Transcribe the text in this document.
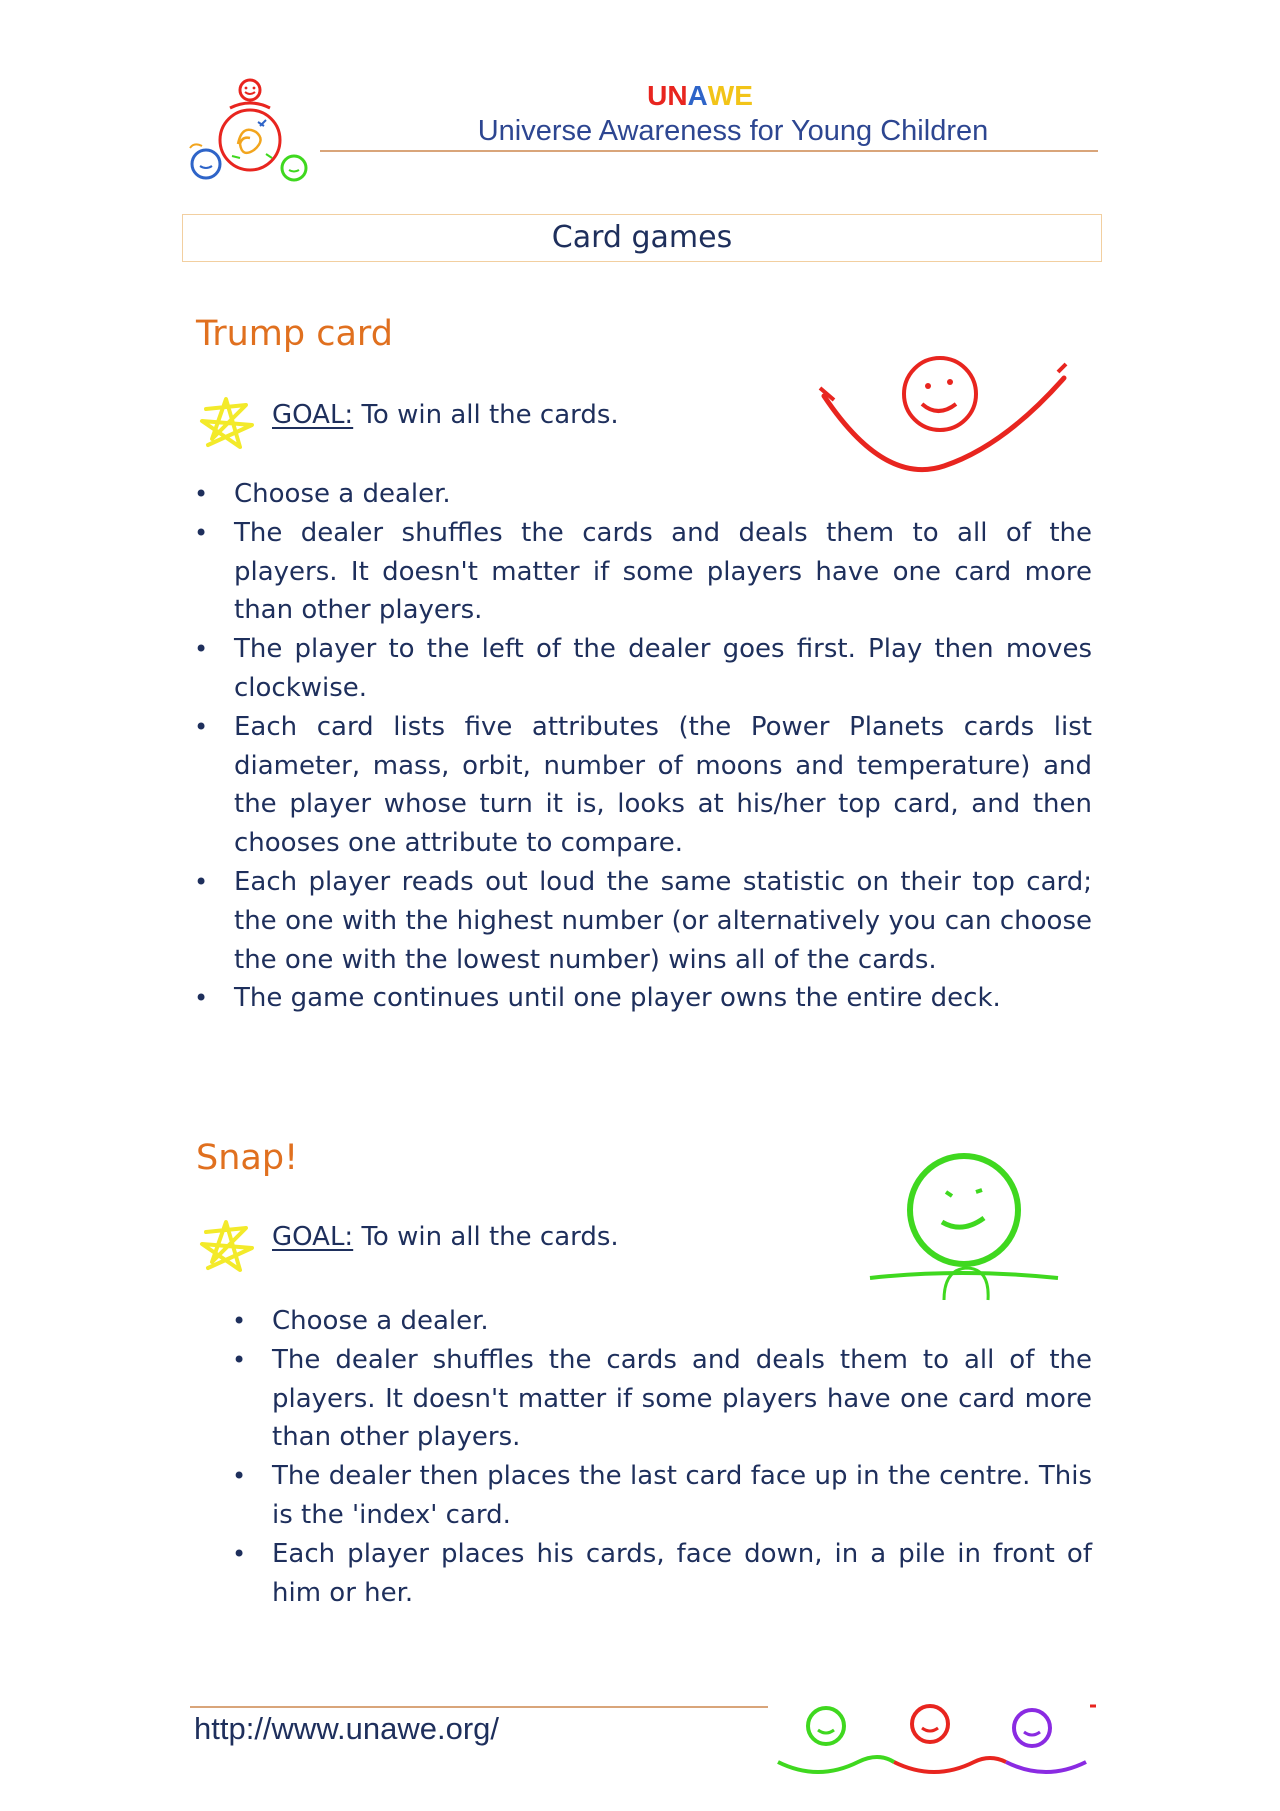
UNAWE
Universe Awareness for Young Children
Card games
Trump card
GOAL: To win all the cards.
• Choose a dealer.
• The dealer shuffles the cards and deals them to all of the players. It doesn't matter if some players have one card more than other players.
• The player to the left of the dealer goes first. Play then moves clockwise.
• Each card lists five attributes (the Power Planets cards list diameter, mass, orbit, number of moons and temperature) and the player whose turn it is, looks at his/her top card, and then chooses one attribute to compare.
• Each player reads out loud the same statistic on their top card; the one with the highest number (or alternatively you can choose the one with the lowest number) wins all of the cards.
• The game continues until one player owns the entire deck.
Snap!
GOAL: To win all the cards.
• Choose a dealer.
• The dealer shuffles the cards and deals them to all of the players. It doesn't matter if some players have one card more than other players.
• The dealer then places the last card face up in the centre. This is the 'index' card.
• Each player places his cards, face down, in a pile in front of him or her.
http://www.unawe.org/
